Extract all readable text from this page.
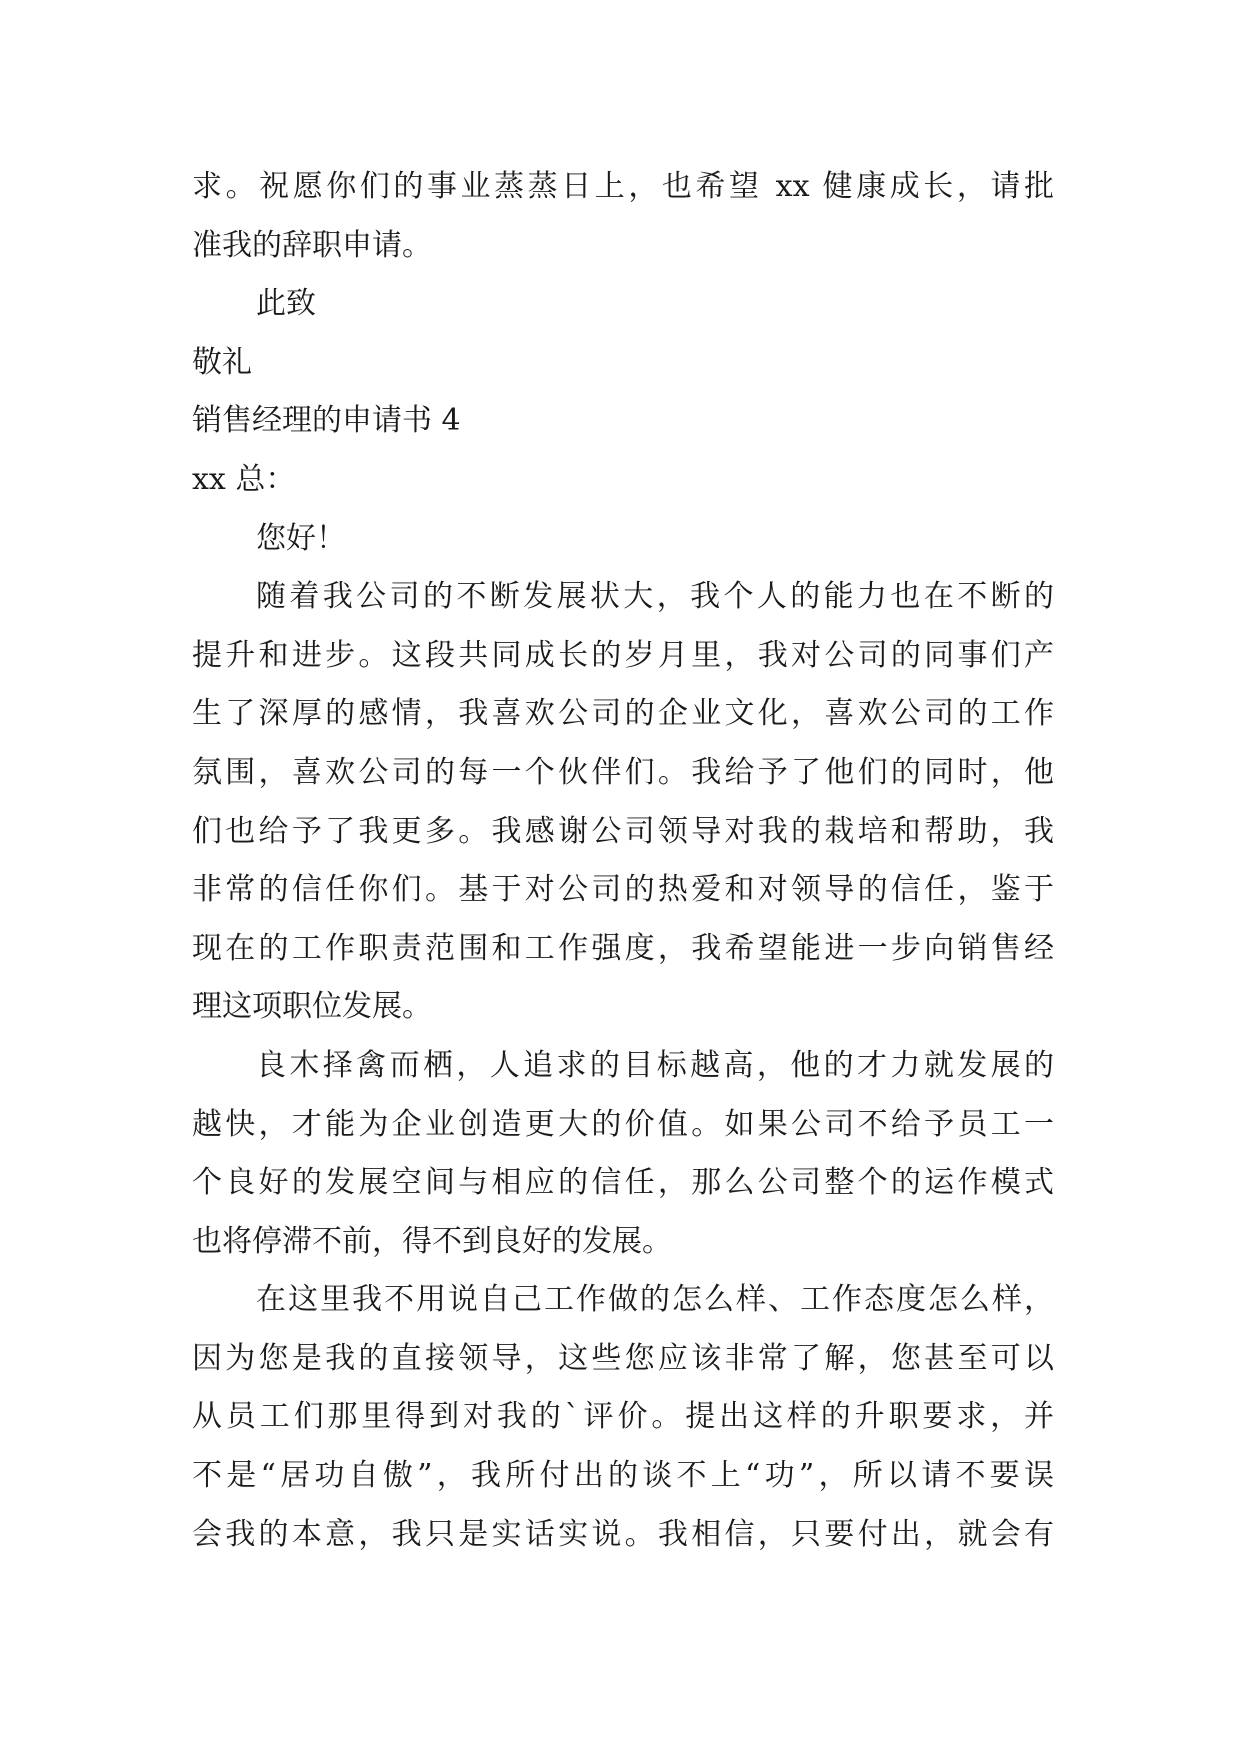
求。祝愿你们的事业蒸蒸日上，也希望 xx 健康成长，请批
准我的辞职申请。
此致
敬礼
销售经理的申请书 4
xx 总：
您好！
随着我公司的不断发展状大，我个人的能力也在不断的
提升和进步。这段共同成长的岁月里，我对公司的同事们产
生了深厚的感情，我喜欢公司的企业文化，喜欢公司的工作
氛围，喜欢公司的每一个伙伴们。我给予了他们的同时，他
们也给予了我更多。我感谢公司领导对我的栽培和帮助，我
非常的信任你们。基于对公司的热爱和对领导的信任，鉴于
现在的工作职责范围和工作强度，我希望能进一步向销售经
理这项职位发展。
良木择禽而栖，人追求的目标越高，他的才力就发展的
越快，才能为企业创造更大的价值。如果公司不给予员工一
个良好的发展空间与相应的信任，那么公司整个的运作模式
也将停滞不前，得不到良好的发展。
在这里我不用说自己工作做的怎么样、工作态度怎么样，
因为您是我的直接领导，这些您应该非常了解，您甚至可以
从员工们那里得到对我的`评价。提出这样的升职要求，并
不是“居功自傲”，我所付出的谈不上“功”，所以请不要误
会我的本意，我只是实话实说。我相信，只要付出，就会有
